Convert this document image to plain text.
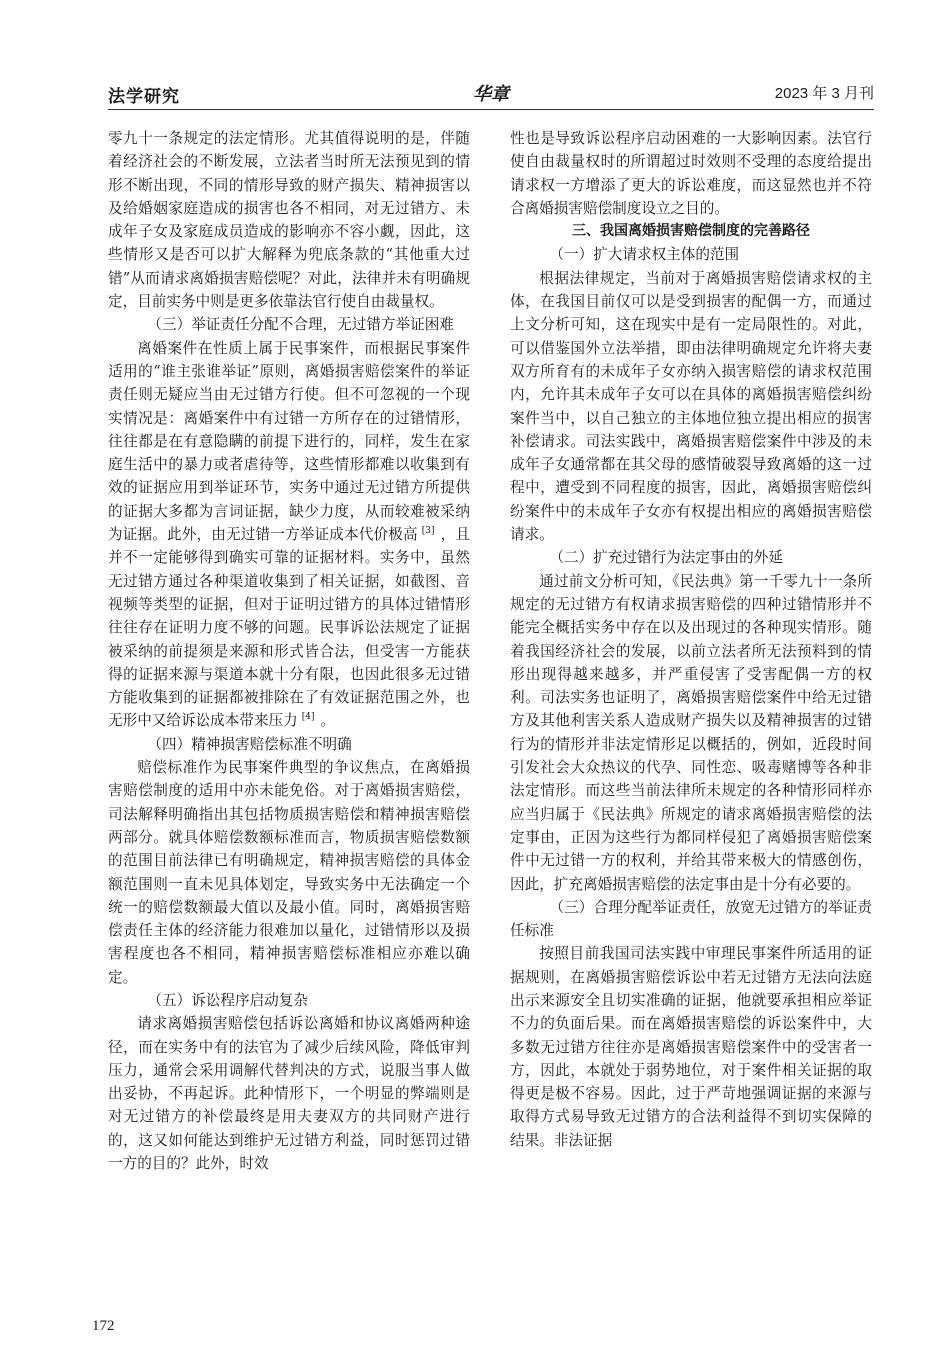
法学研究	华章	2023 年 3 月刊

零九十一条规定的法定情形。尤其值得说明的是，伴随着经济社会的不断发展，立法者当时所无法预见到的情形不断出现，不同的情形导致的财产损失、精神损害以及给婚姻家庭造成的损害也各不相同，对无过错方、未成年子女及家庭成员造成的影响亦不容小觑，因此，这些情形又是否可以扩大解释为兜底条款的“其他重大过错”从而请求离婚损害赔偿呢？对此，法律并未有明确规定，目前实务中则是更多依靠法官行使自由裁量权。

（三）举证责任分配不合理，无过错方举证困难

离婚案件在性质上属于民事案件，而根据民事案件适用的“谁主张谁举证”原则，离婚损害赔偿案件的举证责任则无疑应当由无过错方行使。但不可忽视的一个现实情况是：离婚案件中有过错一方所存在的过错情形，往往都是在有意隐瞒的前提下进行的，同样，发生在家庭生活中的暴力或者虐待等，这些情形都难以收集到有效的证据应用到举证环节，实务中通过无过错方所提供的证据大多都为言词证据，缺少力度，从而较难被采纳为证据。此外，由无过错一方举证成本代价极高 [3] ，且并不一定能够得到确实可靠的证据材料。实务中，虽然无过错方通过各种渠道收集到了相关证据，如截图、音视频等类型的证据，但对于证明过错方的具体过错情形往往存在证明力度不够的问题。民事诉讼法规定了证据被采纳的前提须是来源和形式皆合法，但受害一方能获得的证据来源与渠道本就十分有限，也因此很多无过错方能收集到的证据都被排除在了有效证据范围之外，也无形中又给诉讼成本带来压力 [4] 。

（四）精神损害赔偿标准不明确

赔偿标准作为民事案件典型的争议焦点，在离婚损害赔偿制度的适用中亦未能免俗。对于离婚损害赔偿，司法解释明确指出其包括物质损害赔偿和精神损害赔偿两部分。就具体赔偿数额标准而言，物质损害赔偿数额的范围目前法律已有明确规定，精神损害赔偿的具体金额范围则一直未见具体划定，导致实务中无法确定一个统一的赔偿数额最大值以及最小值。同时，离婚损害赔偿责任主体的经济能力很难加以量化，过错情形以及损害程度也各不相同，精神损害赔偿标准相应亦难以确定。

（五）诉讼程序启动复杂

请求离婚损害赔偿包括诉讼离婚和协议离婚两种途径，而在实务中有的法官为了减少后续风险，降低审判压力，通常会采用调解代替判决的方式，说服当事人做出妥协，不再起诉。此种情形下，一个明显的弊端则是对无过错方的补偿最终是用夫妻双方的共同财产进行的，这又如何能达到维护无过错方利益，同时惩罚过错一方的目的？此外，时效

性也是导致诉讼程序启动困难的一大影响因素。法官行使自由裁量权时的所谓超过时效则不受理的态度给提出请求权一方增添了更大的诉讼难度，而这显然也并不符合离婚损害赔偿制度设立之目的。

三、我国离婚损害赔偿制度的完善路径

（一）扩大请求权主体的范围

根据法律规定，当前对于离婚损害赔偿请求权的主体，在我国目前仅可以是受到损害的配偶一方，而通过上文分析可知，这在现实中是有一定局限性的。对此，可以借鉴国外立法举措，即由法律明确规定允许将夫妻双方所育有的未成年子女亦纳入损害赔偿的请求权范围内，允许其未成年子女可以在具体的离婚损害赔偿纠纷案件当中，以自己独立的主体地位独立提出相应的损害补偿请求。司法实践中，离婚损害赔偿案件中涉及的未成年子女通常都在其父母的感情破裂导致离婚的这一过程中，遭受到不同程度的损害，因此，离婚损害赔偿纠纷案件中的未成年子女亦有权提出相应的离婚损害赔偿请求。

（二）扩充过错行为法定事由的外延

通过前文分析可知，《民法典》第一千零九十一条所规定的无过错方有权请求损害赔偿的四种过错情形并不能完全概括实务中存在以及出现过的各种现实情形。随着我国经济社会的发展，以前立法者所无法预料到的情形出现得越来越多，并严重侵害了受害配偶一方的权利。司法实务也证明了，离婚损害赔偿案件中给无过错方及其他利害关系人造成财产损失以及精神损害的过错行为的情形并非法定情形足以概括的，例如，近段时间引发社会大众热议的代孕、同性恋、吸毒赌博等各种非法定情形。而这些当前法律所未规定的各种情形同样亦应当归属于《民法典》所规定的请求离婚损害赔偿的法定事由，正因为这些行为都同样侵犯了离婚损害赔偿案件中无过错一方的权利，并给其带来极大的情感创伤，因此，扩充离婚损害赔偿的法定事由是十分有必要的。

（三）合理分配举证责任，放宽无过错方的举证责任标准

按照目前我国司法实践中审理民事案件所适用的证据规则，在离婚损害赔偿诉讼中若无过错方无法向法庭出示来源安全且切实准确的证据，他就要承担相应举证不力的负面后果。而在离婚损害赔偿的诉讼案件中，大多数无过错方往往亦是离婚损害赔偿案件中的受害者一方，因此，本就处于弱势地位，对于案件相关证据的取得更是极不容易。因此，过于严苛地强调证据的来源与取得方式易导致无过错方的合法利益得不到切实保障的结果。非法证据

172
